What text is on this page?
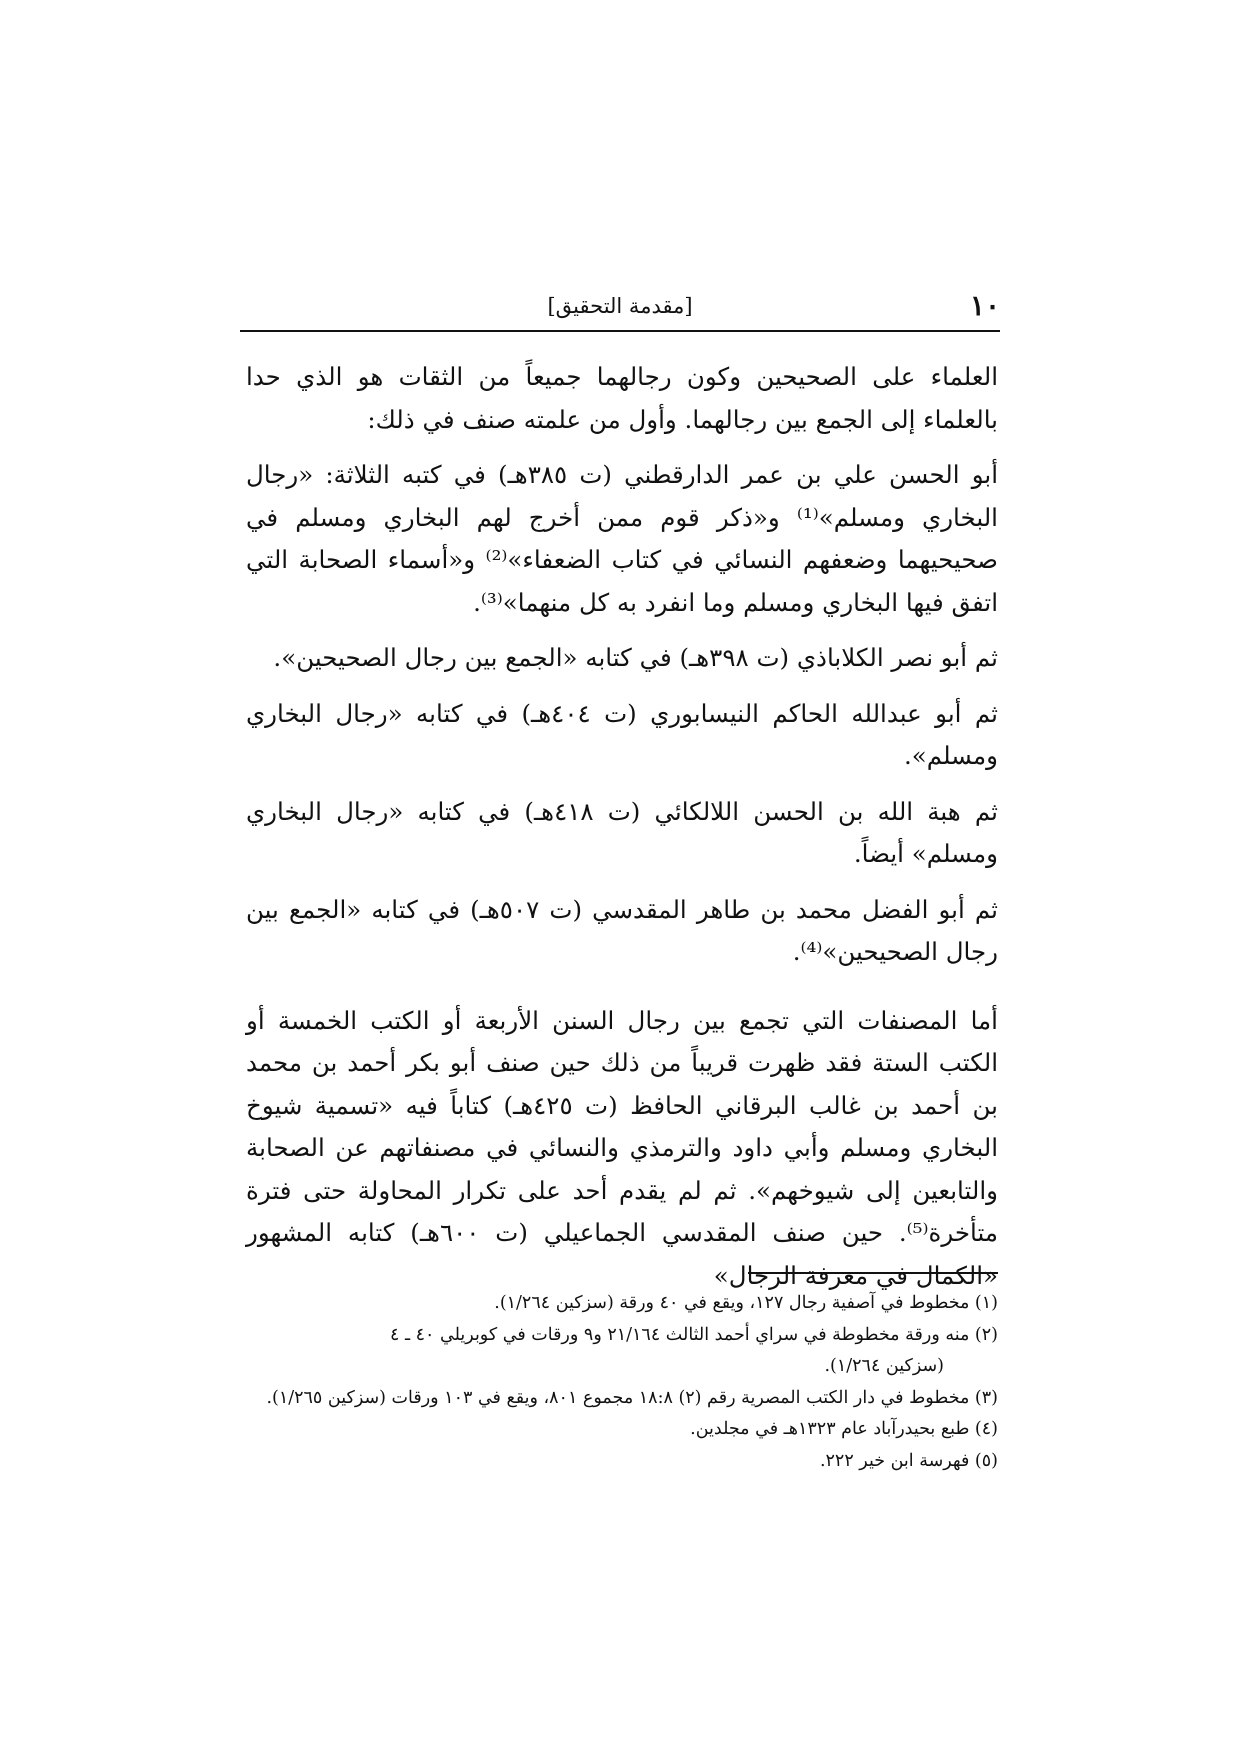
١٠
[مقدمة التحقيق]

العلماء على الصحيحين وكون رجالهما جميعاً من الثقات هو الذي حدا بالعلماء إلى الجمع بين رجالهما. وأول من علمته صنف في ذلك:

أبو الحسن علي بن عمر الدارقطني (ت ٣٨٥هـ) في كتبه الثلاثة: «رجال البخاري ومسلم»⁽¹⁾ و«ذكر قوم ممن أخرج لهم البخاري ومسلم في صحيحيهما وضعفهم النسائي في كتاب الضعفاء»⁽²⁾ و«أسماء الصحابة التي اتفق فيها البخاري ومسلم وما انفرد به كل منهما»⁽³⁾.

ثم أبو نصر الكلاباذي (ت ٣٩٨هـ) في كتابه «الجمع بين رجال الصحيحين».

ثم أبو عبدالله الحاكم النيسابوري (ت ٤٠٤هـ) في كتابه «رجال البخاري ومسلم».

ثم هبة الله بن الحسن اللالكائي (ت ٤١٨هـ) في كتابه «رجال البخاري ومسلم» أيضاً.

ثم أبو الفضل محمد بن طاهر المقدسي (ت ٥٠٧هـ) في كتابه «الجمع بين رجال الصحيحين»⁽⁴⁾.

أما المصنفات التي تجمع بين رجال السنن الأربعة أو الكتب الخمسة أو الكتب الستة فقد ظهرت قريباً من ذلك حين صنف أبو بكر أحمد بن محمد بن أحمد بن غالب البرقاني الحافظ (ت ٤٢٥هـ) كتاباً فيه «تسمية شيوخ البخاري ومسلم وأبي داود والترمذي والنسائي في مصنفاتهم عن الصحابة والتابعين إلى شيوخهم». ثم لم يقدم أحد على تكرار المحاولة حتى فترة متأخرة⁽⁵⁾. حين صنف المقدسي الجماعيلي (ت ٦٠٠هـ) كتابه المشهور «الكمال في معرفة الرجال»

(١) مخطوط في آصفية رجال ١٢٧، ويقع في ٤٠ ورقة (سزكين ١/٢٦٤).
(٢) منه ورقة مخطوطة في سراي أحمد الثالث ٢١/١٦٤ و٩ ورقات في كوبريلي ٤٠ ـ ٤
(سزكين ١/٢٦٤).
(٣) مخطوط في دار الكتب المصرية رقم (٢) ١٨:٨ مجموع ٨٠١، ويقع في ١٠٣ ورقات (سزكين ١/٢٦٥).
(٤) طبع بحيدرآباد عام ١٣٢٣هـ في مجلدين.
(٥) فهرسة ابن خير ٢٢٢.
